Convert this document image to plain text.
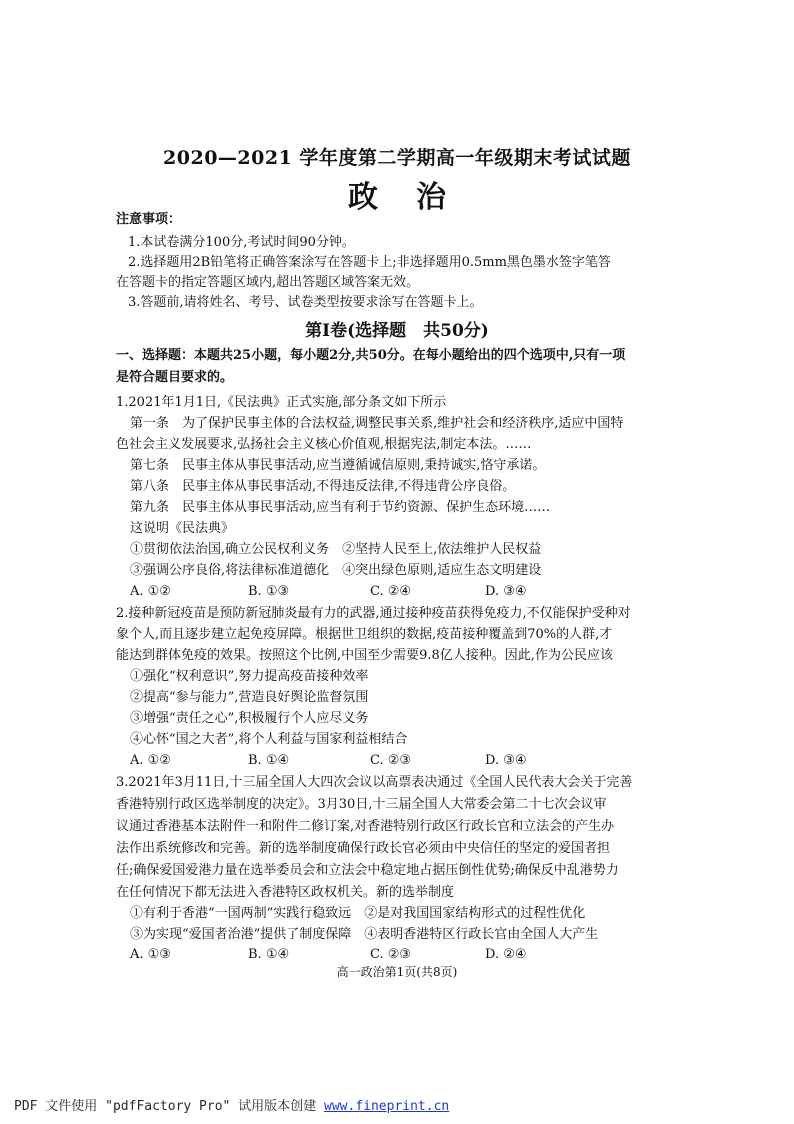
2020—2021 学年度第二学期高一年级期末考试试题
政治
注意事项：
1.本试卷满分100分,考试时间90分钟。
2.选择题用2B铅笔将正确答案涂写在答题卡上;非选择题用0.5mm黑色墨水签字笔答
在答题卡的指定答题区域内,超出答题区域答案无效。
3.答题前,请将姓名、考号、试卷类型按要求涂写在答题卡上。
第Ⅰ卷(选择题　共50分)
一、选择题：本题共25小题，每小题2分,共50分。在每小题给出的四个选项中,只有一项
是符合题目要求的。
1.2021年1月1日,《民法典》正式实施,部分条文如下所示
第一条　为了保护民事主体的合法权益,调整民事关系,维护社会和经济秩序,适应中国特
色社会主义发展要求,弘扬社会主义核心价值观,根据宪法,制定本法。……
第七条　民事主体从事民事活动,应当遵循诚信原则,秉持诚实,恪守承诺。
第八条　民事主体从事民事活动,不得违反法律,不得违背公序良俗。
第九条　民事主体从事民事活动,应当有利于节约资源、保护生态环境……
这说明《民法典》
①贯彻依法治国,确立公民权利义务　②坚持人民至上,依法维护人民权益
③强调公序良俗,将法律标准道德化　④突出绿色原则,适应生态文明建设
A. ①②	B. ①③	C. ②④	D. ③④
2.接种新冠疫苗是预防新冠肺炎最有力的武器,通过接种疫苗获得免疫力,不仅能保护受种对
象个人,而且逐步建立起免疫屏障。根据世卫组织的数据,疫苗接种覆盖到70%的人群,才
能达到群体免疫的效果。按照这个比例,中国至少需要9.8亿人接种。因此,作为公民应该
①强化“权利意识”,努力提高疫苗接种效率
②提高“参与能力”,营造良好舆论监督氛围
③增强“责任之心”,积极履行个人应尽义务
④心怀“国之大者”,将个人利益与国家利益相结合
A. ①②	B. ①④	C. ②③	D. ③④
3.2021年3月11日,十三届全国人大四次会议以高票表决通过《全国人民代表大会关于完善
香港特别行政区选举制度的决定》。3月30日,十三届全国人大常委会第二十七次会议审
议通过香港基本法附件一和附件二修订案,对香港特别行政区行政长官和立法会的产生办
法作出系统修改和完善。新的选举制度确保行政长官必须由中央信任的坚定的爱国者担
任;确保爱国爱港力量在选举委员会和立法会中稳定地占据压倒性优势;确保反中乱港势力
在任何情况下都无法进入香港特区政权机关。新的选举制度
①有利于香港“一国两制”实践行稳致远　②是对我国国家结构形式的过程性优化
③为实现“爱国者治港”提供了制度保障　④表明香港特区行政长官由全国人大产生
A. ①③	B. ①④	C. ②③	D. ②④
高一政治第1页(共8页)
PDF 文件使用 "pdfFactory Pro" 试用版本创建 www.fineprint.cn
